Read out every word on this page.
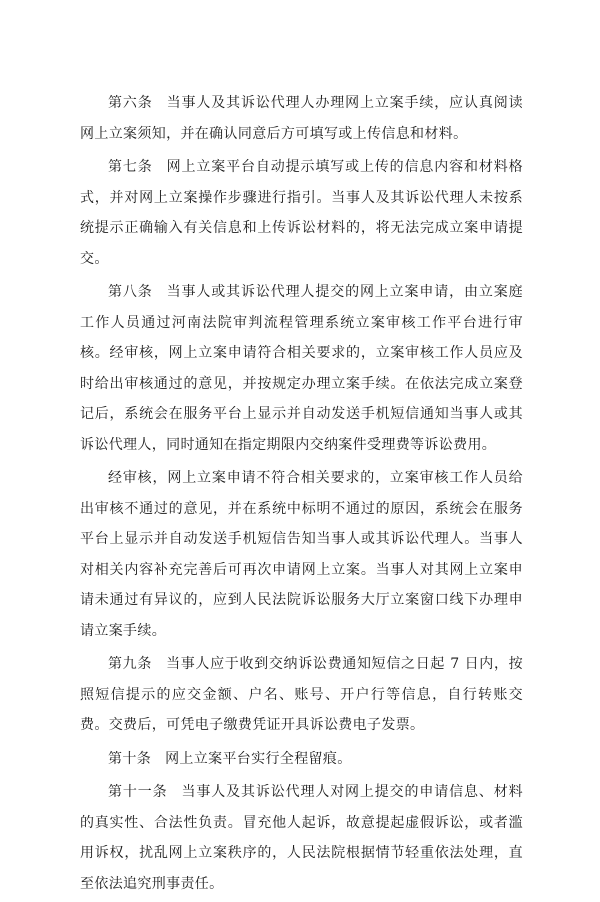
第六条 当事人及其诉讼代理人办理网上立案手续，应认真阅读网上立案须知，并在确认同意后方可填写或上传信息和材料。

第七条 网上立案平台自动提示填写或上传的信息内容和材料格式，并对网上立案操作步骤进行指引。当事人及其诉讼代理人未按系统提示正确输入有关信息和上传诉讼材料的，将无法完成立案申请提交。

第八条 当事人或其诉讼代理人提交的网上立案申请，由立案庭工作人员通过河南法院审判流程管理系统立案审核工作平台进行审核。经审核，网上立案申请符合相关要求的，立案审核工作人员应及时给出审核通过的意见，并按规定办理立案手续。在依法完成立案登记后，系统会在服务平台上显示并自动发送手机短信通知当事人或其诉讼代理人，同时通知在指定期限内交纳案件受理费等诉讼费用。

经审核，网上立案申请不符合相关要求的，立案审核工作人员给出审核不通过的意见，并在系统中标明不通过的原因，系统会在服务平台上显示并自动发送手机短信告知当事人或其诉讼代理人。当事人对相关内容补充完善后可再次申请网上立案。当事人对其网上立案申请未通过有异议的，应到人民法院诉讼服务大厅立案窗口线下办理申请立案手续。

第九条 当事人应于收到交纳诉讼费通知短信之日起 7 日内，按照短信提示的应交金额、户名、账号、开户行等信息，自行转账交费。交费后，可凭电子缴费凭证开具诉讼费电子发票。

第十条 网上立案平台实行全程留痕。

第十一条 当事人及其诉讼代理人对网上提交的申请信息、材料的真实性、合法性负责。冒充他人起诉，故意提起虚假诉讼，或者滥用诉权，扰乱网上立案秩序的，人民法院根据情节轻重依法处理，直至依法追究刑事责任。
